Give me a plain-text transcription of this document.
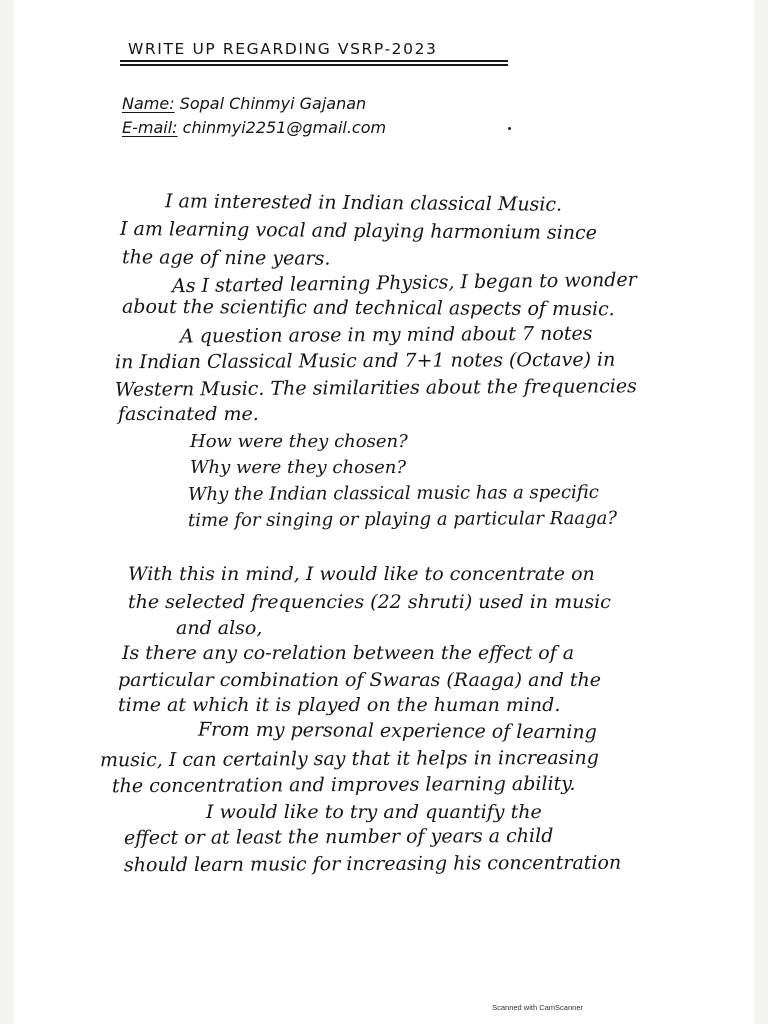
WRITE UP REGARDING VSRP-2023
Name: Sopal Chinmyi Gajanan
E-mail: chinmyi2251@gmail.com
I am interested in Indian classical Music.
I am learning vocal and playing harmonium since
the age of nine years.
As I started learning Physics, I began to wonder
about the scientific and technical aspects of music.
A question arose in my mind about 7 notes
in Indian Classical Music and 7+1 notes (Octave) in
Western Music. The similarities about the frequencies
fascinated me.
How were they chosen?
Why were they chosen?
Why the Indian classical music has a specific
time for singing or playing a particular Raaga?
With this in mind, I would like to concentrate on
the selected frequencies (22 shruti) used in music
and also,
Is there any co-relation between the effect of a
particular combination of Swaras (Raaga) and the
time at which it is played on the human mind.
From my personal experience of learning
music, I can certainly say that it helps in increasing
the concentration and improves learning ability.
I would like to try and quantify the
effect or at least the number of years a child
should learn music for increasing his concentration
Scanned with CamScanner
